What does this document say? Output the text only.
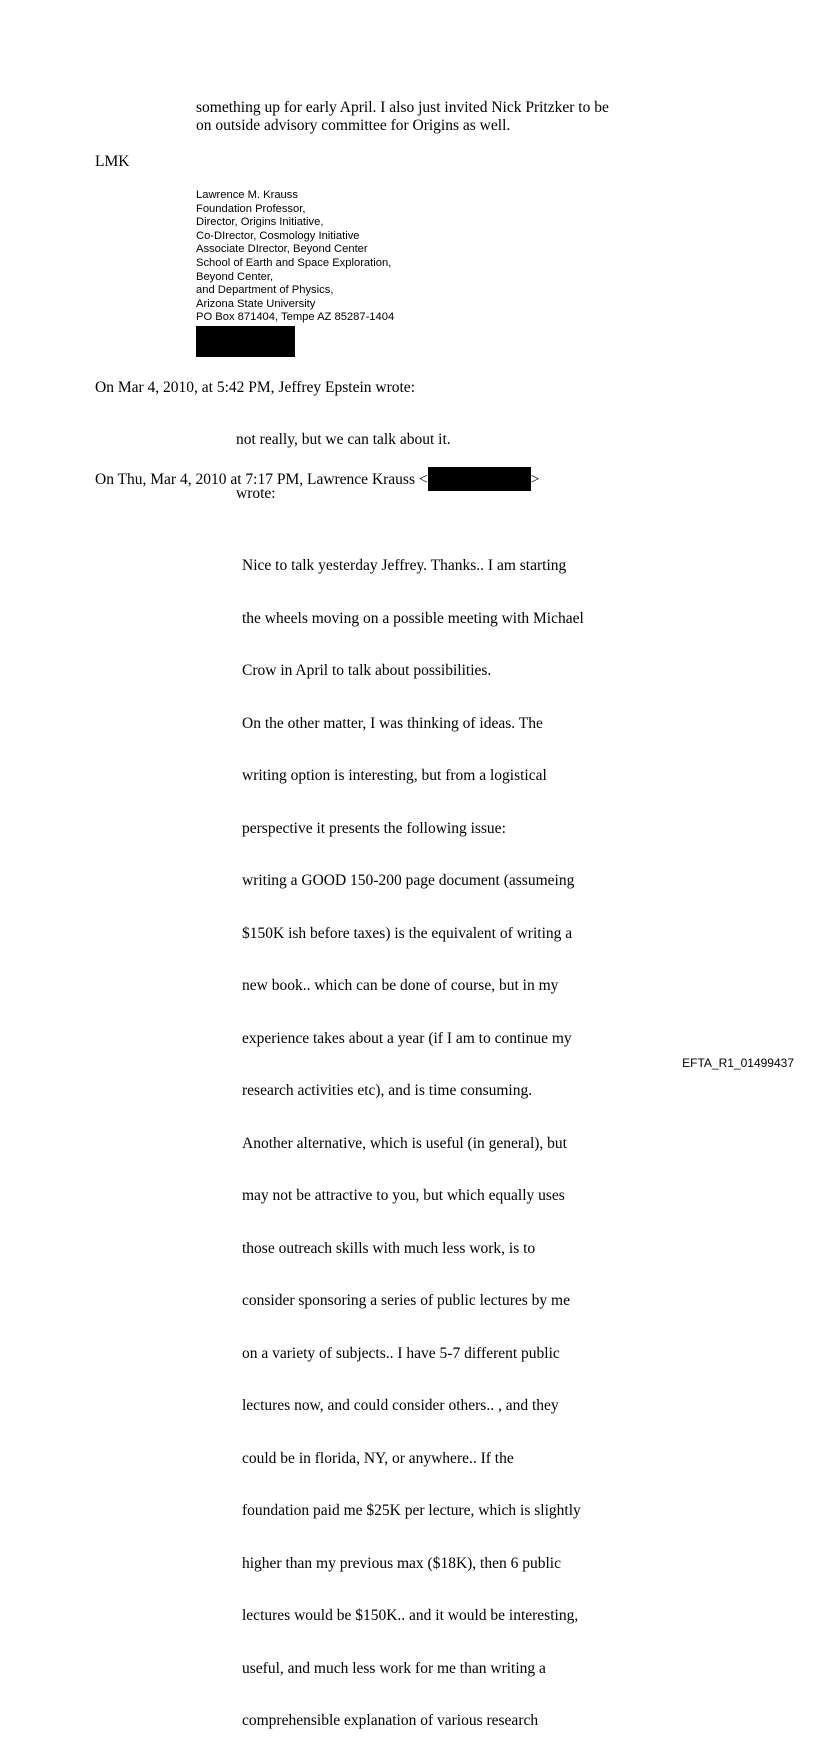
something up for early April. I also just invited Nick Pritzker to be
on outside advisory committee for Origins as well.
LMK
Lawrence M. Krauss
Foundation Professor,
Director, Origins Initiative,
Co-DIrector, Cosmology Initiative
Associate DIrector, Beyond Center
School of Earth and Space Exploration,
Beyond Center,
and Department of Physics,
Arizona State University
PO Box 871404, Tempe AZ 85287-1404
On Mar 4, 2010, at 5:42 PM, Jeffrey Epstein wrote:
not really, but we can talk about it.
On Thu, Mar 4, 2010 at 7:17 PM, Lawrence Krauss <	>
wrote:

Nice to talk yesterday Jeffrey. Thanks.. I am starting

the wheels moving on a possible meeting with Michael

Crow in April to talk about possibilities.

On the other matter, I was thinking of ideas. The

writing option is interesting, but from a logistical

perspective it presents the following issue:

writing a GOOD 150-200 page document (assumeing

$150K ish before taxes) is the equivalent of writing a

new book.. which can be done of course, but in my

experience takes about a year (if I am to continue my

research activities etc), and is time consuming.

Another alternative, which is useful (in general), but

may not be attractive to you, but which equally uses

those outreach skills with much less work, is to

consider sponsoring a series of public lectures by me

on a variety of subjects.. I have 5-7 different public

lectures now, and could consider others.. , and they

could be in florida, NY, or anywhere.. If the

foundation paid me $25K per lecture, which is slightly

higher than my previous max ($18K), then 6 public

lectures would be $150K.. and it would be interesting,

useful, and much less work for me than writing a

comprehensible explanation of various research

EFTA_R1_01499437
